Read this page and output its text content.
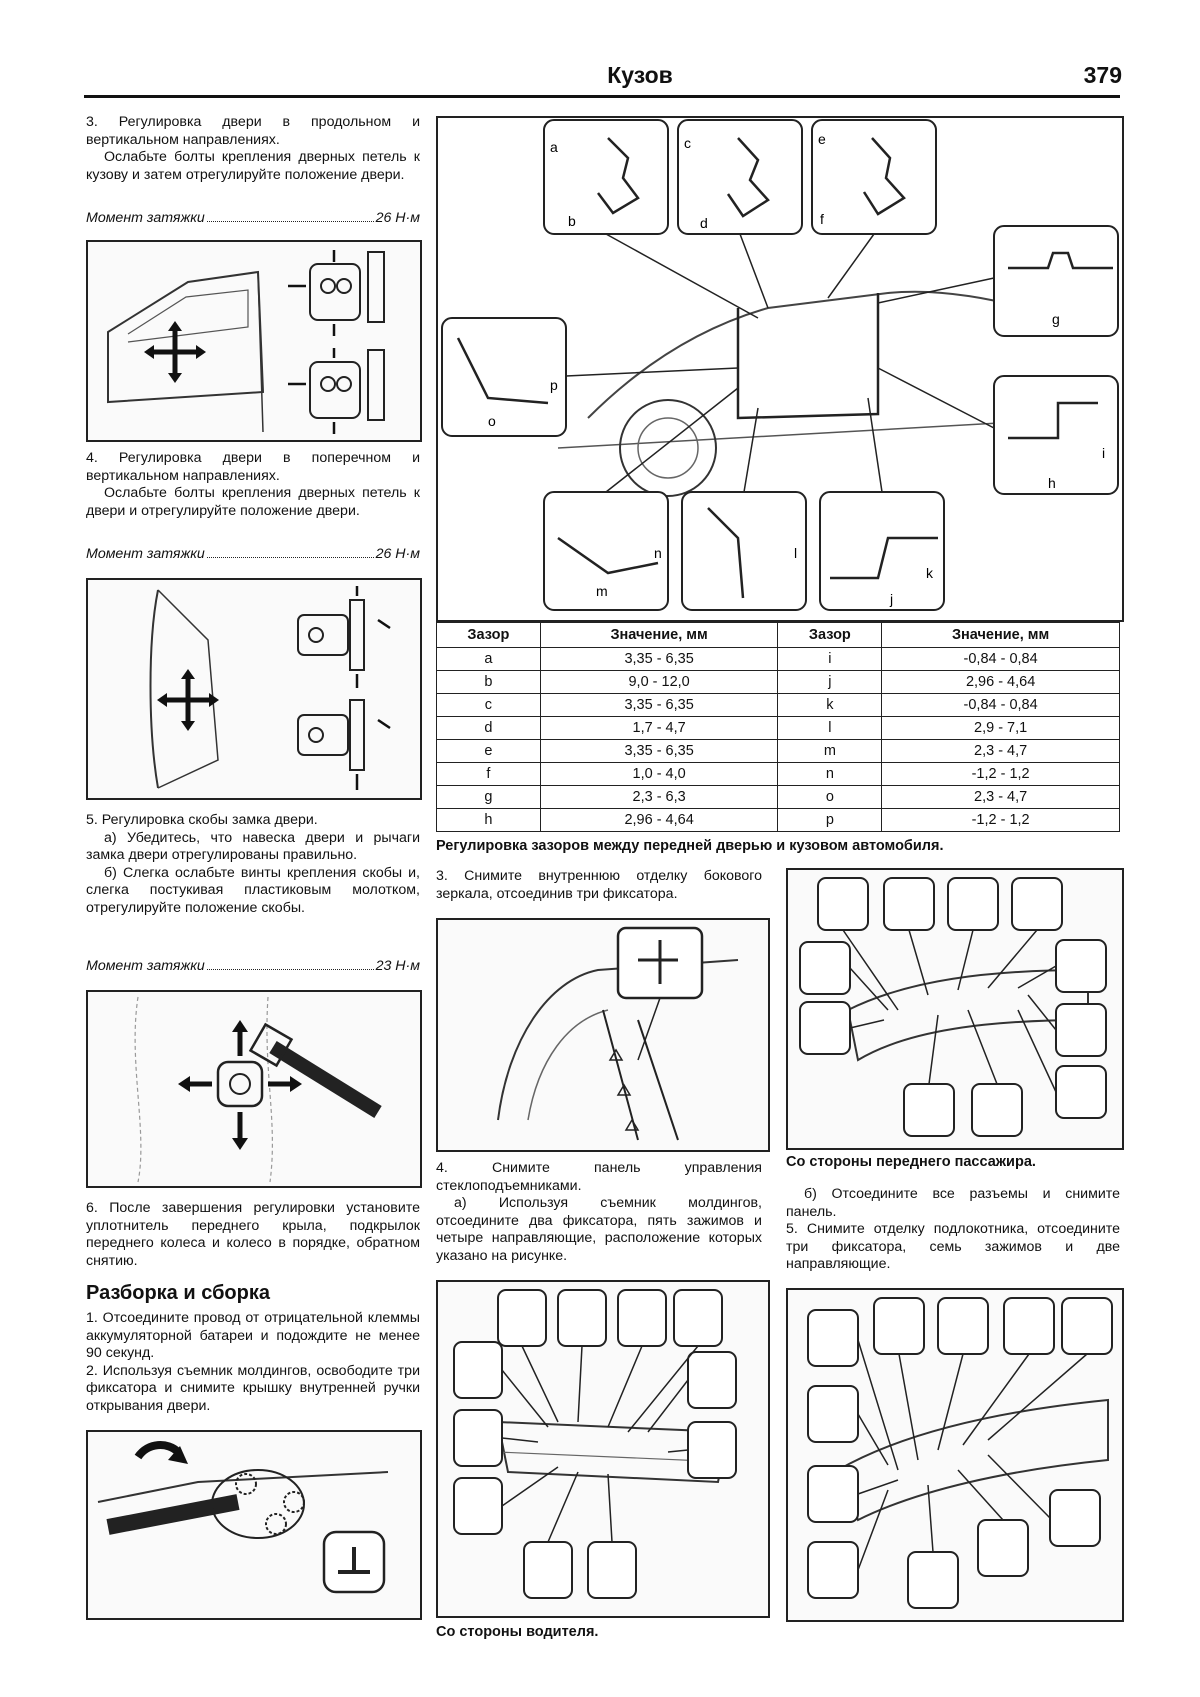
Кузов	379

3. Регулировка двери в продольном и вертикальном направлениях.

Ослабьте болты крепления дверных петель к кузову и затем отрегулируйте положение двери.

Момент затяжки	26 Н·м

4. Регулировка двери в поперечном и вертикальном направлениях.

Ослабьте болты крепления дверных петель к двери и отрегулируйте положение двери.

Момент затяжки	26 Н·м

5. Регулировка скобы замка двери.

а) Убедитесь, что навеска двери и рычаги замка двери отрегулированы правильно.

б) Слегка ослабьте винты крепления скобы и, слегка постукивая пластиковым молотком, отрегулируйте положение скобы.

Момент затяжки	23 Н·м
6. После завершения регулировки установите уплотнитель переднего крыла, подкрылок переднего колеса и колесо в порядке, обратном снятию.
Разборка и сборка

1. Отсоедините провод от отрицательной клеммы аккумуляторной батареи и подождите не менее 90 секунд.

2. Используя съемник молдингов, освободите три фиксатора и снимите крышку внутренней ручки открывания двери.

a
b
c
d
e
f
g
h
i
j
k
l
m
n
o
p
Зазор	Значение, мм	Зазор	Значение, мм
a	3,35 - 6,35	i	-0,84 - 0,84
b	9,0 - 12,0	j	2,96 - 4,64
c	3,35 - 6,35	k	-0,84 - 0,84
d	1,7 - 4,7	l	2,9 - 7,1
e	3,35 - 6,35	m	2,3 - 4,7
f	1,0 - 4,0	n	-1,2 - 1,2
g	2,3 - 6,3	o	2,3 - 4,7
h	2,96 - 4,64	p	-1,2 - 1,2
Регулировка зазоров между передней дверью и кузовом автомобиля.
3. Снимите внутреннюю отделку бокового зеркала, отсоединив три фиксатора.

4. Снимите панель управления стеклоподъемниками.

а) Используя съемник молдингов, отсоедините два фиксатора, пять зажимов и четыре направляющие, расположение которых указано на рисунке.

Со стороны водителя.
Со стороны переднего пассажира.

б) Отсоедините все разъемы и снимите панель.

5. Снимите отделку подлокотника, отсоедините три фиксатора, семь зажимов и две направляющие.
